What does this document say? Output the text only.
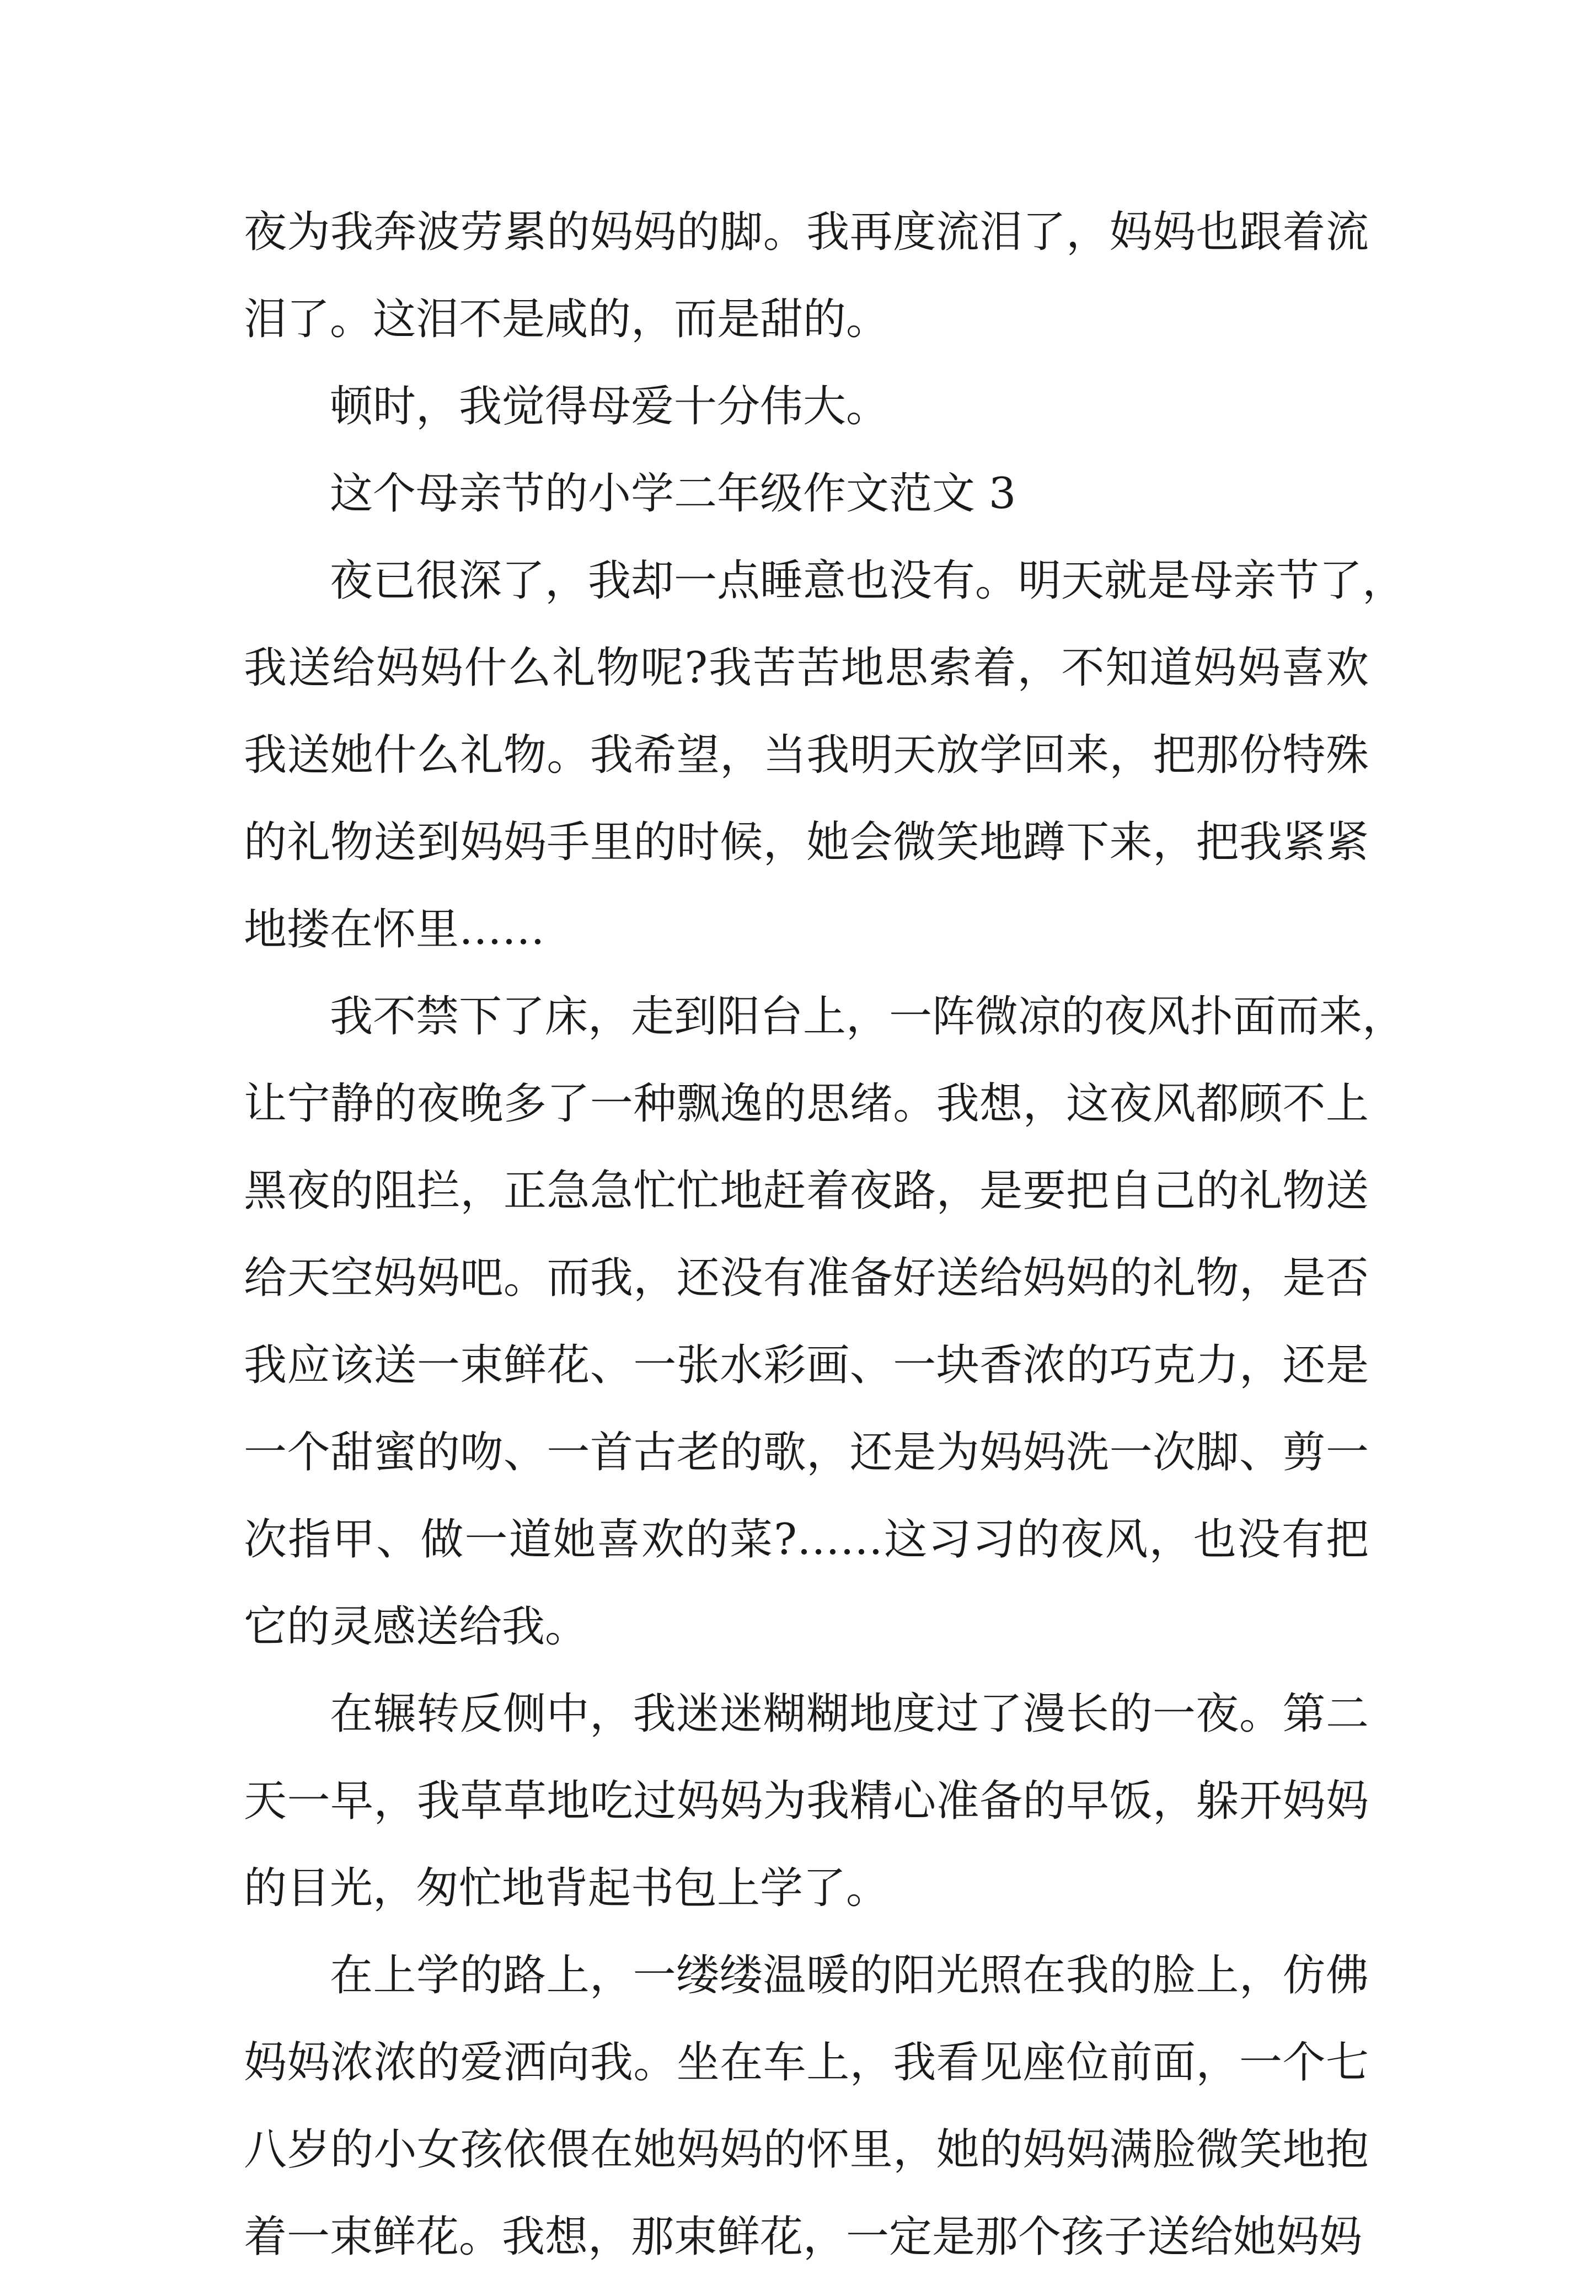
夜为我奔波劳累的妈妈的脚。我再度流泪了，妈妈也跟着流
泪了。这泪不是咸的，而是甜的。
顿时，我觉得母爱十分伟大。
这个母亲节的小学二年级作文范文 3
夜已很深了，我却一点睡意也没有。明天就是母亲节了，
我送给妈妈什么礼物呢?我苦苦地思索着，不知道妈妈喜欢
我送她什么礼物。我希望，当我明天放学回来，把那份特殊
的礼物送到妈妈手里的时候，她会微笑地蹲下来，把我紧紧
地搂在怀里……
我不禁下了床，走到阳台上，一阵微凉的夜风扑面而来，
让宁静的夜晚多了一种飘逸的思绪。我想，这夜风都顾不上
黑夜的阻拦，正急急忙忙地赶着夜路，是要把自己的礼物送
给天空妈妈吧。而我，还没有准备好送给妈妈的礼物，是否
我应该送一束鲜花、一张水彩画、一块香浓的巧克力，还是
一个甜蜜的吻、一首古老的歌，还是为妈妈洗一次脚、剪一
次指甲、做一道她喜欢的菜?……这习习的夜风，也没有把
它的灵感送给我。
在辗转反侧中，我迷迷糊糊地度过了漫长的一夜。第二
天一早，我草草地吃过妈妈为我精心准备的早饭，躲开妈妈
的目光，匆忙地背起书包上学了。
在上学的路上，一缕缕温暖的阳光照在我的脸上，仿佛
妈妈浓浓的爱洒向我。坐在车上，我看见座位前面，一个七
八岁的小女孩依偎在她妈妈的怀里，她的妈妈满脸微笑地抱
着一束鲜花。我想，那束鲜花，一定是那个孩子送给她妈妈
